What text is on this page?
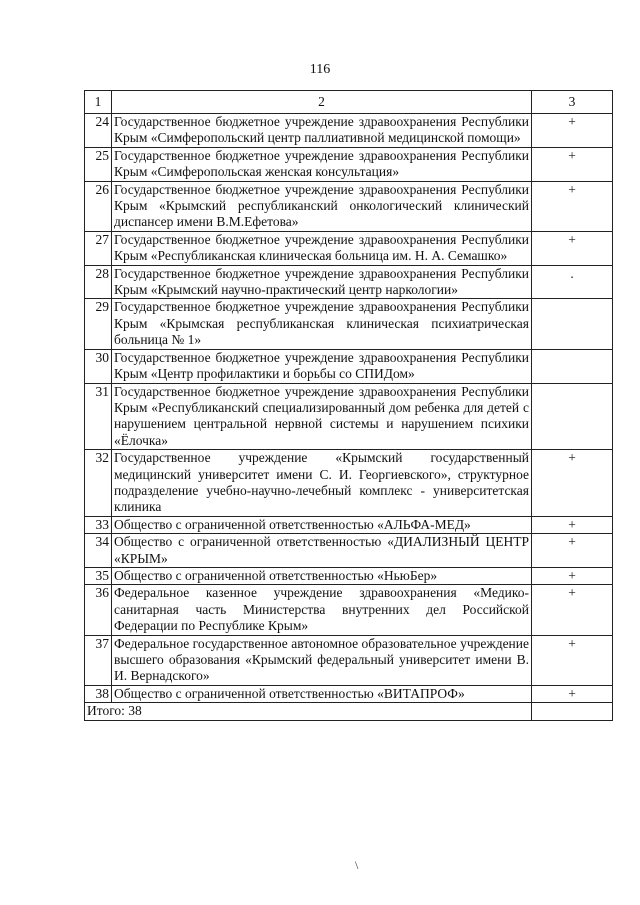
116
1	2	3
24	Государственное бюджетное учреждение здравоохранения Республики Крым «Симферопольский центр паллиативной медицинской помощи»	+
25	Государственное бюджетное учреждение здравоохранения Республики Крым «Симферопольская женская консультация»	+
26	Государственное бюджетное учреждение здравоохранения Республики Крым «Крымский республиканский онкологический клинический диспансер имени В.М.Ефетова»	+
27	Государственное бюджетное учреждение здравоохранения Республики Крым «Республиканская клиническая больница им. Н. А. Семашко»	+
28	Государственное бюджетное учреждение здравоохранения Республики Крым «Крымский научно-практический центр наркологии»	.
29	Государственное бюджетное учреждение здравоохранения Республики Крым «Крымская республиканская клиническая психиатрическая больница № 1»	
30	Государственное бюджетное учреждение здравоохранения Республики Крым «Центр профилактики и борьбы со СПИДом»	
31	Государственное бюджетное учреждение здравоохранения Республики Крым «Республиканский специализированный дом ребенка для детей с нарушением центральной нервной системы и нарушением психики «Ёлочка»	
32	Государственное учреждение «Крымский государственный медицинский университет имени С. И. Георгиевского», структурное подразделение учебно-научно-лечебный комплекс - университетская клиника	+
33	Общество с ограниченной ответственностью «АЛЬФА-МЕД»	+
34	Общество с ограниченной ответственностью «ДИАЛИЗНЫЙ ЦЕНТР «КРЫМ»	+
35	Общество с ограниченной ответственностью «НьюБер»	+
36	Федеральное казенное учреждение здравоохранения «Медико-санитарная часть Министерства внутренних дел Российской Федерации по Республике Крым»	+
37	Федеральное государственное автономное образовательное учреждение высшего образования «Крымский федеральный университет имени В. И. Вернадского»	+
38	Общество с ограниченной ответственностью «ВИТАПРОФ»	+
Итого: 38		
\
